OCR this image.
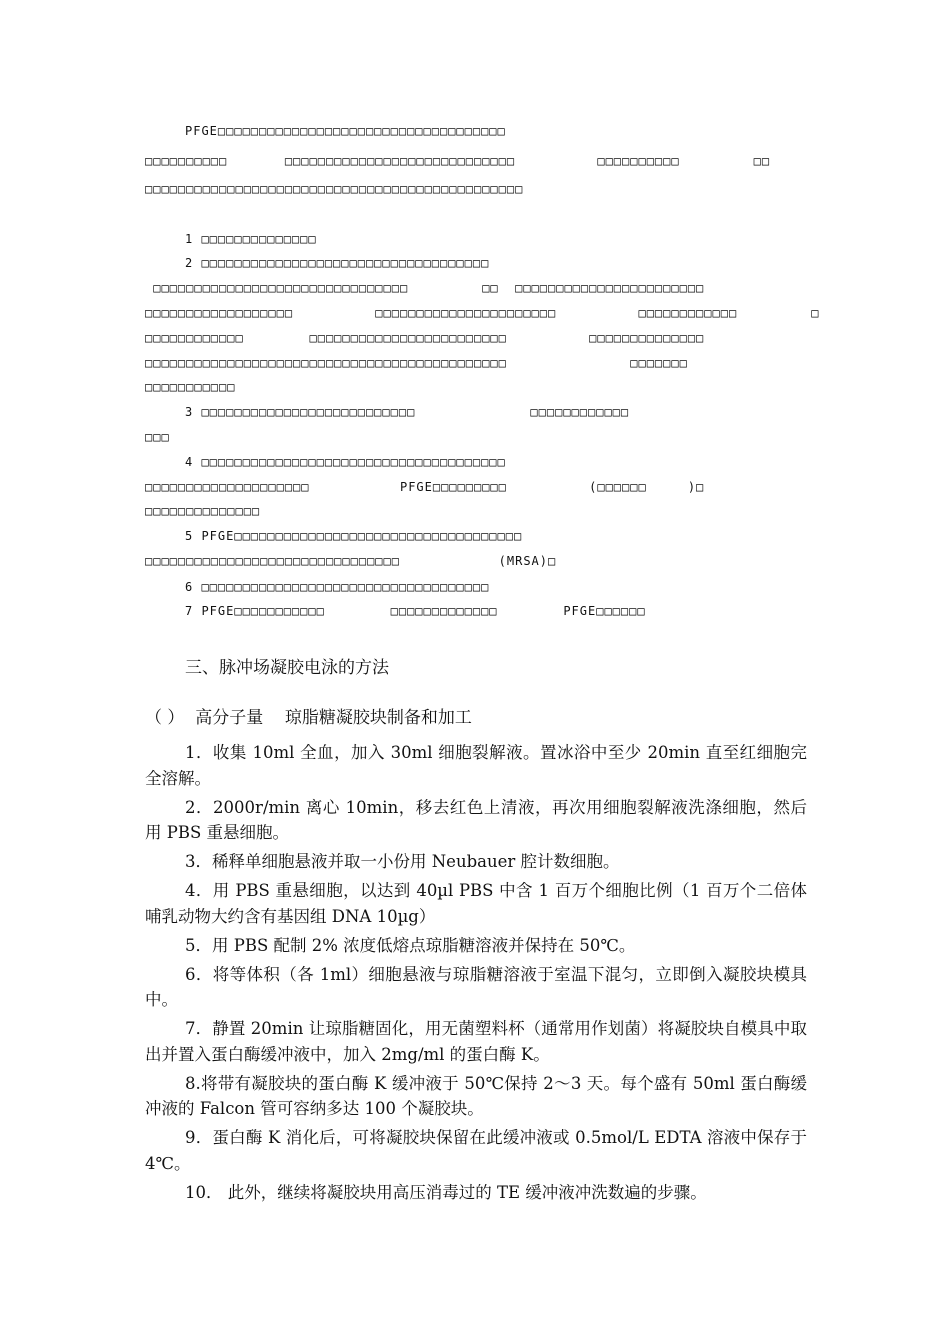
PFGE□□□□□□□□□□□□□□□□□□□□□□□□□□□□□□□□□□□
□□□□□□□□□□       □□□□□□□□□□□□□□□□□□□□□□□□□□□□          □□□□□□□□□□         □□
□□□□□□□□□□□□□□□□□□□□□□□□□□□□□□□□□□□□□□□□□□□□□□
1 □□□□□□□□□□□□□□
2 □□□□□□□□□□□□□□□□□□□□□□□□□□□□□□□□□□□
□□□□□□□□□□□□□□□□□□□□□□□□□□□□□□□         □□  □□□□□□□□□□□□□□□□□□□□□□□
□□□□□□□□□□□□□□□□□□          □□□□□□□□□□□□□□□□□□□□□□          □□□□□□□□□□□□         □
□□□□□□□□□□□□        □□□□□□□□□□□□□□□□□□□□□□□□          □□□□□□□□□□□□□□
□□□□□□□□□□□□□□□□□□□□□□□□□□□□□□□□□□□□□□□□□□□□               □□□□□□□
□□□□□□□□□□□
3 □□□□□□□□□□□□□□□□□□□□□□□□□□              □□□□□□□□□□□□
□□□
4 □□□□□□□□□□□□□□□□□□□□□□□□□□□□□□□□□□□□□
□□□□□□□□□□□□□□□□□□□□           PFGE□□□□□□□□□          (□□□□□□     )□
□□□□□□□□□□□□□□
5 PFGE□□□□□□□□□□□□□□□□□□□□□□□□□□□□□□□□□□□
□□□□□□□□□□□□□□□□□□□□□□□□□□□□□□□            (MRSA)□
6 □□□□□□□□□□□□□□□□□□□□□□□□□□□□□□□□□□□
7 PFGE□□□□□□□□□□□        □□□□□□□□□□□□□        PFGE□□□□□□
三、脉冲场凝胶电泳的方法
（ ）  高分子量    琼脂糖凝胶块制备和加工

1．收集 10ml 全血，加入 30ml 细胞裂解液。置冰浴中至少 20min 直至红细胞完全溶解。

2．2000r/min 离心 10min，移去红色上清液，再次用细胞裂解液洗涤细胞，然后用 PBS 重悬细胞。

3．稀释单细胞悬液并取一小份用 Neubauer 腔计数细胞。

4．用 PBS 重悬细胞，以达到 40µl PBS 中含 1 百万个细胞比例（1 百万个二倍体哺乳动物大约含有基因组 DNA 10µg）

5．用 PBS 配制 2% 浓度低熔点琼脂糖溶液并保持在 50℃。

6．将等体积（各 1ml）细胞悬液与琼脂糖溶液于室温下混匀，立即倒入凝胶块模具中。

7．静置 20min 让琼脂糖固化，用无菌塑料杯（通常用作划菌）将凝胶块自模具中取出并置入蛋白酶缓冲液中，加入 2mg/ml 的蛋白酶 K。

8.将带有凝胶块的蛋白酶 K 缓冲液于 50℃保持 2～3 天。每个盛有 50ml 蛋白酶缓冲液的 Falcon 管可容纳多达 100 个凝胶块。

9．蛋白酶 K 消化后，可将凝胶块保留在此缓冲液或 0.5mol/L EDTA 溶液中保存于 4℃。

10． 此外，继续将凝胶块用高压消毒过的 TE 缓冲液冲洗数遍的步骤。
